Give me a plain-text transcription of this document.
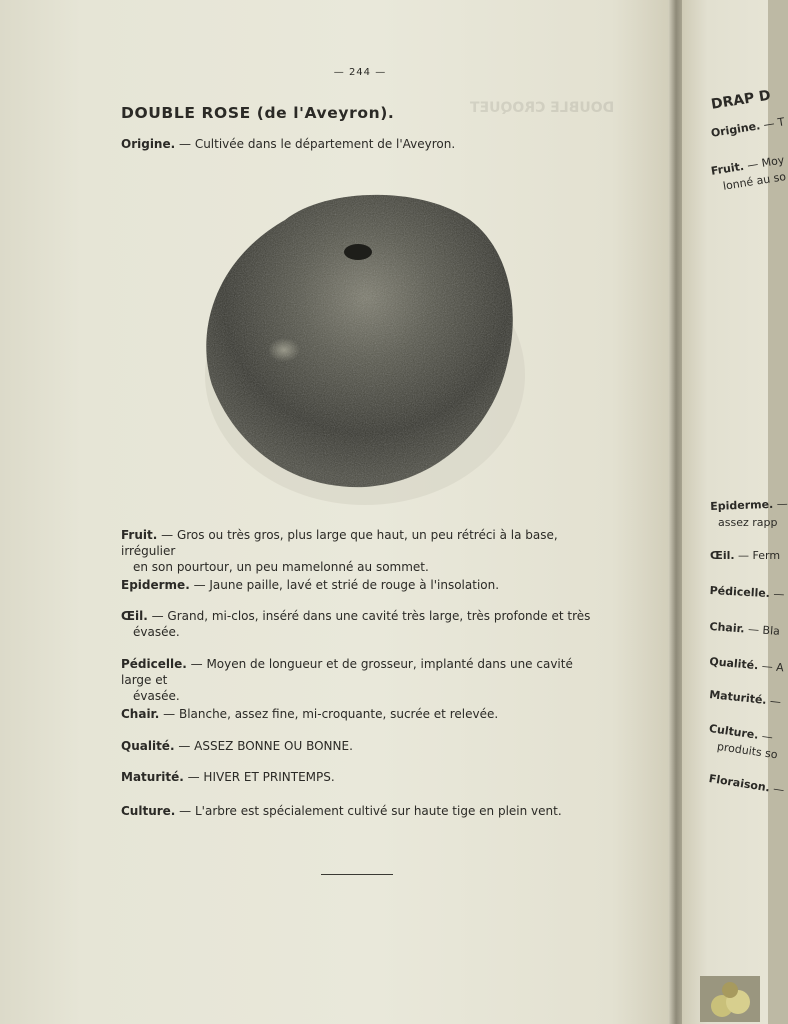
DOUBLE CROQUET
— 244 —
DOUBLE ROSE (de l'Aveyron).
Origine. — Cultivée dans le département de l'Aveyron.
Fruit. — Gros ou très gros, plus large que haut, un peu rétréci à la base, irrégulier
en son pourtour, un peu mamelonné au sommet.
Epiderme. — Jaune paille, lavé et strié de rouge à l'insolation.
Œil. — Grand, mi-clos, inséré dans une cavité très large, très profonde et très
évasée.
Pédicelle. — Moyen de longueur et de grosseur, implanté dans une cavité large et
évasée.
Chair. — Blanche, assez fine, mi-croquante, sucrée et relevée.
Qualité. — ASSEZ BONNE OU BONNE.
Maturité. — HIVER ET PRINTEMPS.
Culture. — L'arbre est spécialement cultivé sur haute tige en plein vent.
DRAP D
Origine. — T
Fruit. — Moy
lonné au so
Epiderme. —
assez rapp
Œil. — Ferm
Pédicelle. —
Chair. — Bla
Qualité. — A
Maturité. —
Culture. —
produits so
Floraison. —
